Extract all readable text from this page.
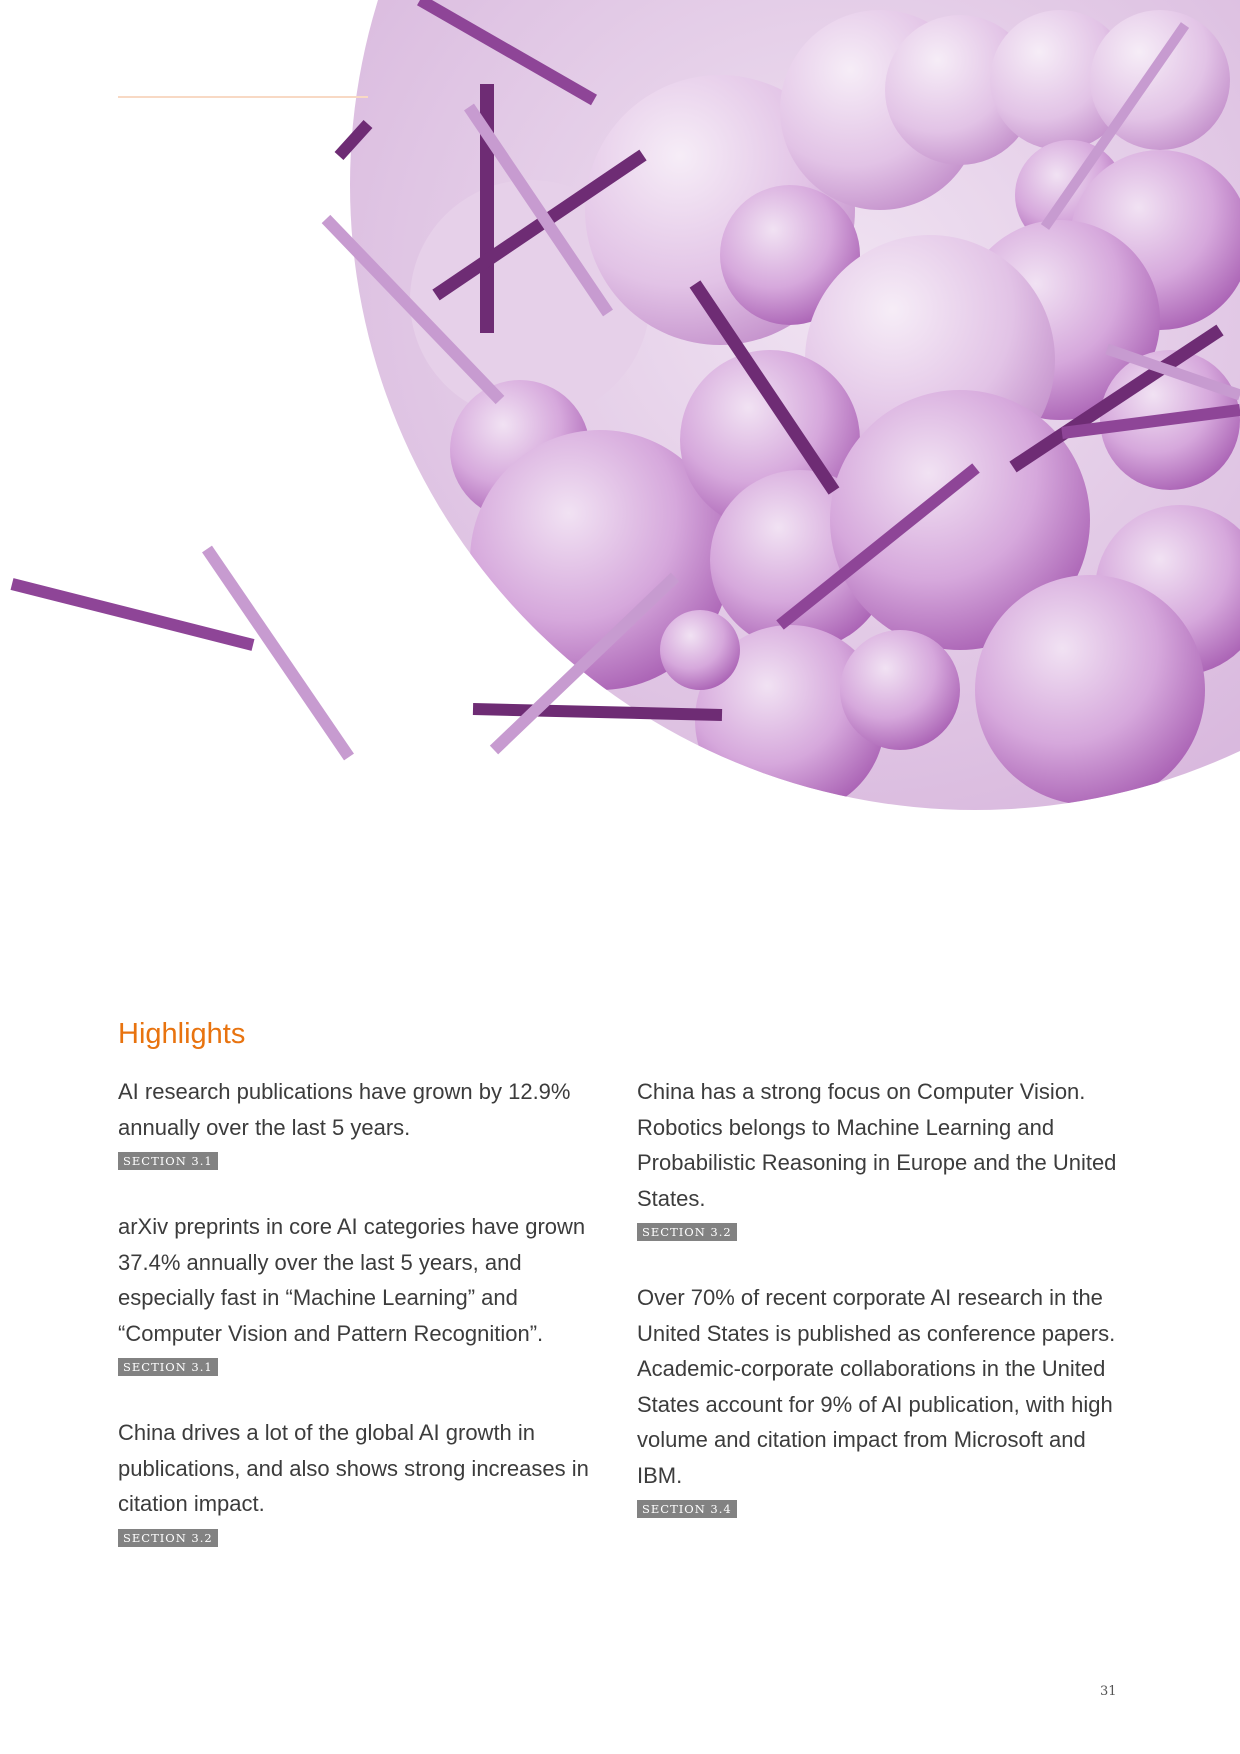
Highlights

AI research publications have grown by 12.9% annually over the last 5 years.

SECTION 3.1

arXiv preprints in core AI categories have grown 37.4% annually over the last 5 years, and especially fast in “Machine Learning” and “Computer Vision and Pattern Recognition”.

SECTION 3.1

China drives a lot of the global AI growth in publications, and also shows strong increases in citation impact.

SECTION 3.2

China has a strong focus on Computer Vision. Robotics belongs to Machine Learning and Probabilistic Reasoning in Europe and the United States.

SECTION 3.2

Over 70% of recent corporate AI research in the United States is published as conference papers. Academic-corporate collaborations in the United States account for 9% of AI publication, with high volume and citation impact from Microsoft and IBM.

SECTION 3.4
31
